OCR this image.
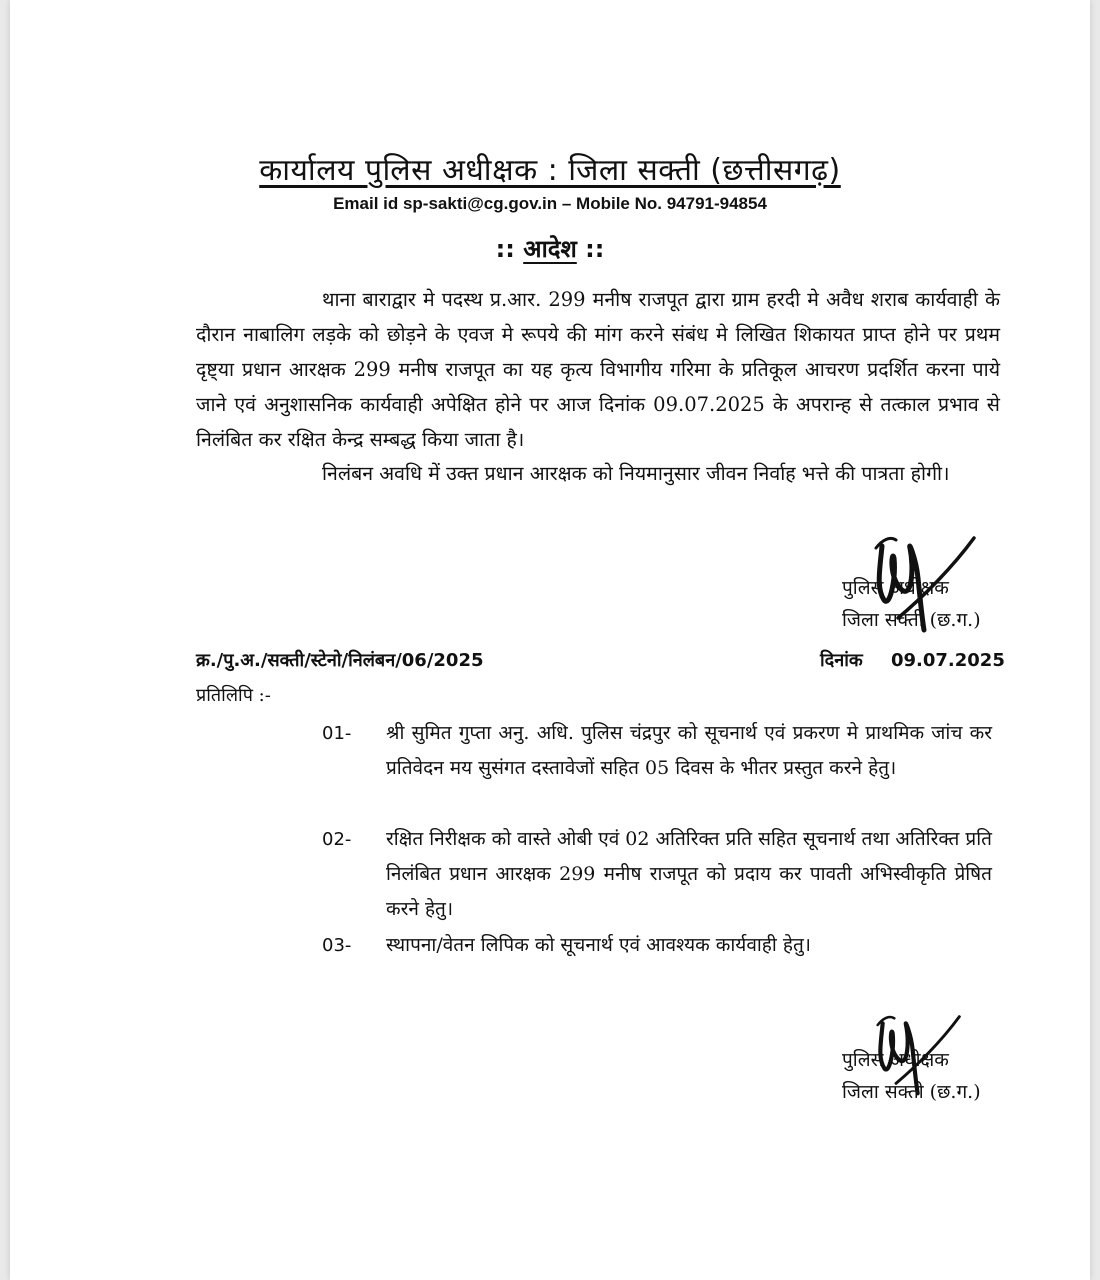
कार्यालय पुलिस अधीक्षक : जिला सक्ती (छत्तीसगढ़)
Email id sp-sakti@cg.gov.in – Mobile No. 94791-94854
:: आदेश ::
थाना बाराद्वार मे पदस्थ प्र.आर. 299 मनीष राजपूत द्वारा ग्राम हरदी मे अवैध शराब कार्यवाही के दौरान नाबालिग लड़के को छोड़ने के एवज मे रूपये की मांग करने संबंध मे लिखित शिकायत प्राप्त होने पर प्रथम दृष्ट्या प्रधान आरक्षक 299 मनीष राजपूत का यह कृत्य विभागीय गरिमा के प्रतिकूल आचरण प्रदर्शित करना पाये जाने एवं अनुशासनिक कार्यवाही अपेक्षित होने पर आज दिनांक 09.07.2025 के अपरान्ह से तत्काल प्रभाव से निलंबित कर रक्षित केन्द्र सम्बद्ध किया जाता है।
निलंबन अवधि में उक्त प्रधान आरक्षक को नियमानुसार जीवन निर्वाह भत्ते की पात्रता होगी।
पुलिस अधीक्षक
जिला सक्ती (छ.ग.)
क्र./पु.अ./सक्ती/स्टेनो/निलंबन/06/2025	दिनांक 09.07.2025
प्रतिलिपि :-
01- श्री सुमित गुप्ता अनु. अधि. पुलिस चंद्रपुर को सूचनार्थ एवं प्रकरण मे प्राथमिक जांच कर प्रतिवेदन मय सुसंगत दस्तावेजों सहित 05 दिवस के भीतर प्रस्तुत करने हेतु।
02- रक्षित निरीक्षक को वास्ते ओबी एवं 02 अतिरिक्त प्रति सहित सूचनार्थ तथा अतिरिक्त प्रति निलंबित प्रधान आरक्षक 299 मनीष राजपूत को प्रदाय कर पावती अभिस्वीकृति प्रेषित करने हेतु।
03- स्थापना/वेतन लिपिक को सूचनार्थ एवं आवश्यक कार्यवाही हेतु।
पुलिस अधीक्षक
जिला सक्ती (छ.ग.)
